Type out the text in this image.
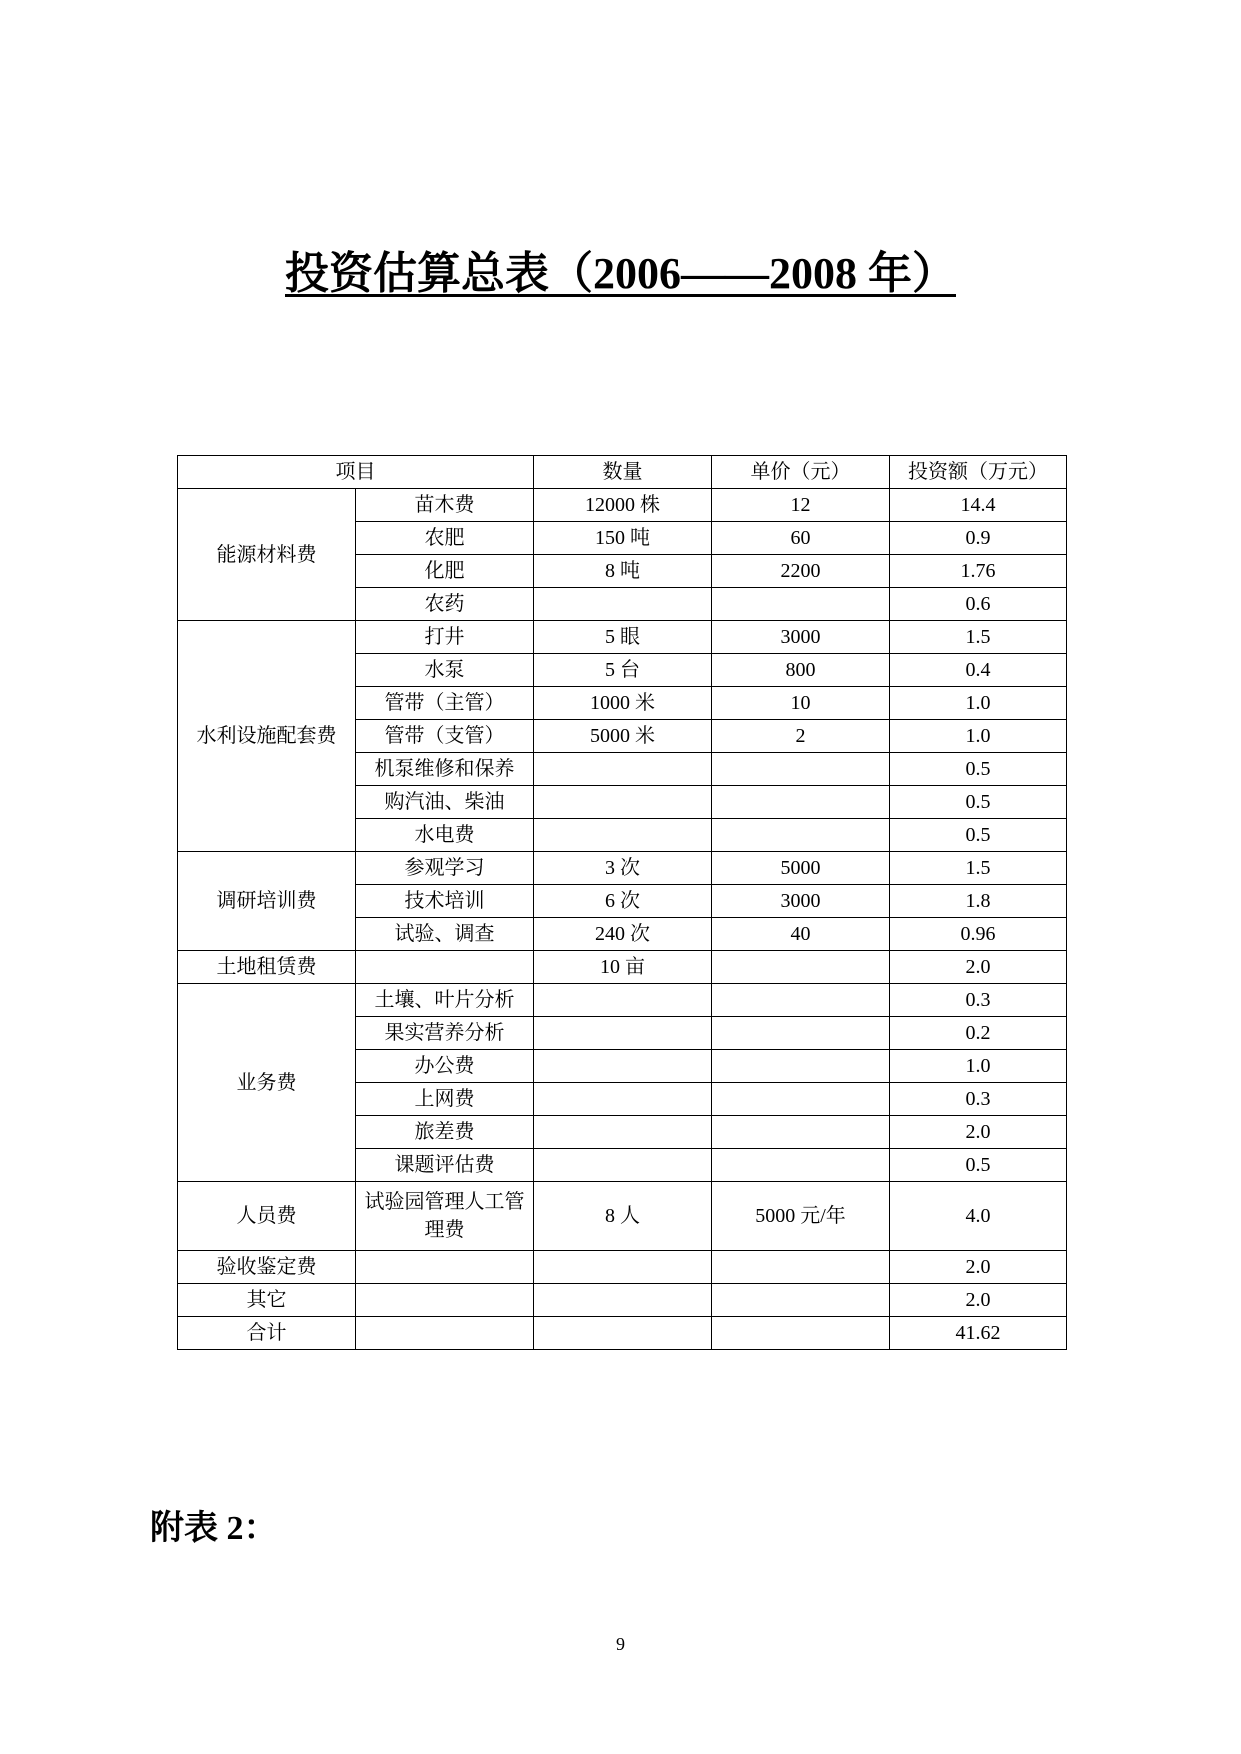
投资估算总表（2006——2008 年）
项目		数量	单价（元）	投资额（万元）
能源材料费	苗木费	12000 株	12	14.4
	农肥	150 吨	60	0.9
	化肥	8 吨	2200	1.76
	农药			0.6
水利设施配套费	打井	5 眼	3000	1.5
	水泵	5 台	800	0.4
	管带（主管）	1000 米	10	1.0
	管带（支管）	5000 米	2	1.0
	机泵维修和保养			0.5
	购汽油、柴油			0.5
	水电费			0.5
调研培训费	参观学习	3 次	5000	1.5
	技术培训	6 次	3000	1.8
	试验、调查	240 次	40	0.96
土地租赁费		10 亩		2.0
业务费	土壤、叶片分析			0.3
	果实营养分析			0.2
	办公费			1.0
	上网费			0.3
	旅差费			2.0
	课题评估费			0.5
人员费	试验园管理人工管理费	8 人	5000 元/年	4.0
验收鉴定费				2.0
其它				2.0
合计				41.62
附表 2：
9
